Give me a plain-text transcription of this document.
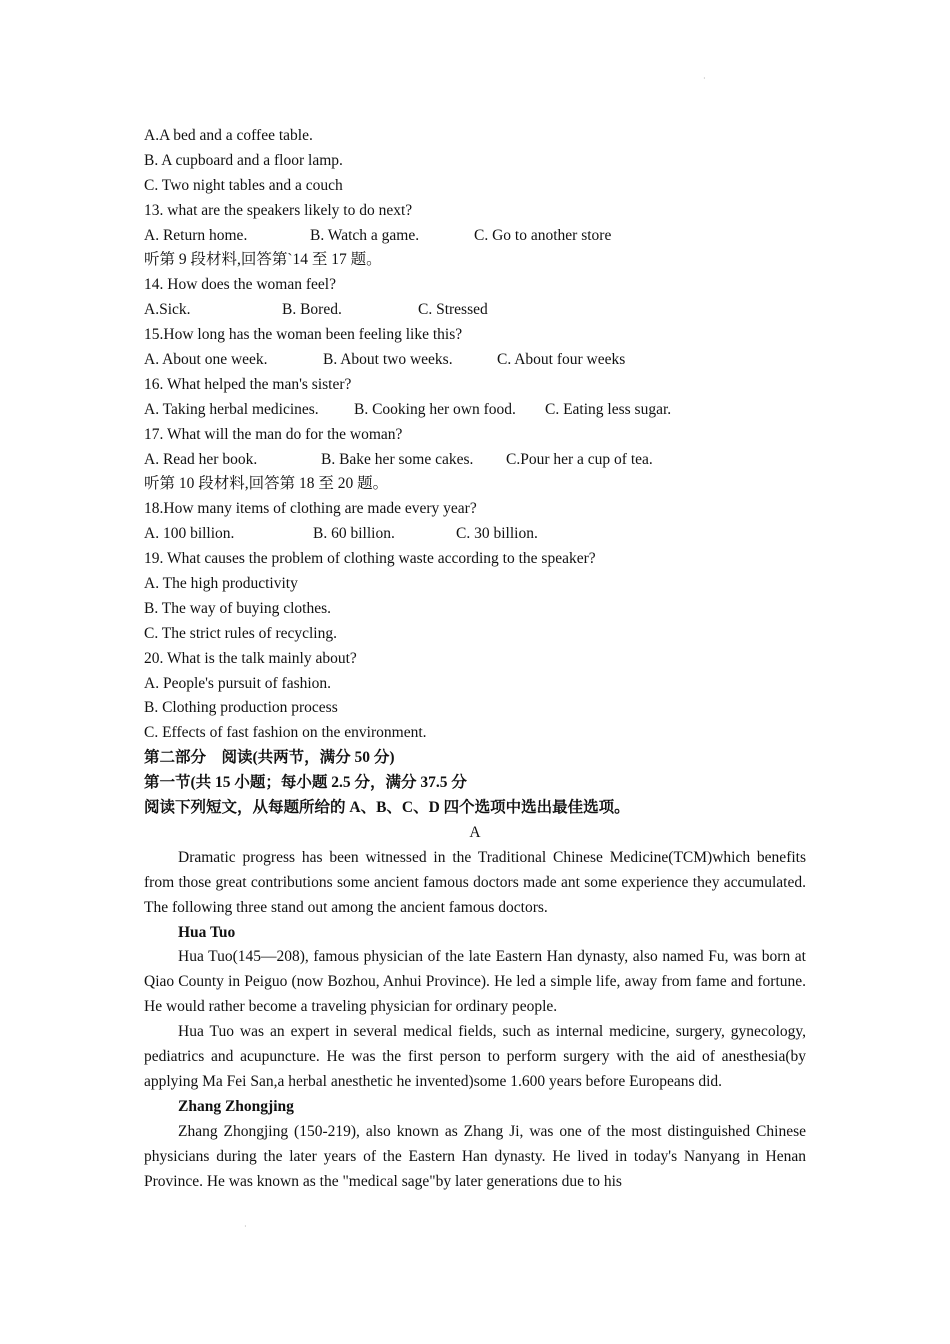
·
A.A bed and a coffee table.
B. A cupboard and a floor lamp.
C. Two night tables and a couch
13. what are the speakers likely to do next?
A. Return home.	B. Watch a game.	C. Go to another store
听第 9 段材料,回答第`14 至 17 题。
14. How does the woman feel?
A.Sick.	B. Bored.	C. Stressed
15.How long has the woman been feeling like this?
A. About one week.	B. About two weeks.	C. About four weeks
16. What helped the man's sister?
A. Taking herbal medicines. B. Cooking her own food. C. Eating less sugar.
17. What will the man do for the woman?
A. Read her book.	B. Bake her some cakes. C.Pour her a cup of tea.
听第 10 段材料,回答第 18 至 20 题。
18.How many items of clothing are made every year?
A. 100 billion.	B. 60 billion.	C. 30 billion.
19. What causes the problem of clothing waste according to the speaker?
A. The high productivity
B. The way of buying clothes.
C. The strict rules of recycling.
20. What is the talk mainly about?
A. People's pursuit of fashion.
B. Clothing production process
C. Effects of fast fashion on the environment.
第二部分　阅读(共两节，满分 50 分)
第一节(共 15 小题；每小题 2.5 分，满分 37.5 分
阅读下列短文，从每题所给的 A、B、C、D 四个选项中选出最佳选项。
A

Dramatic progress has been witnessed in the Traditional Chinese Medicine(TCM)which benefits from those great contributions some ancient famous doctors made ant some experience they accumulated. The following three stand out among the ancient famous doctors.

Hua Tuo

Hua Tuo(145—208), famous physician of the late Eastern Han dynasty, also named Fu, was born at Qiao County in Peiguo (now Bozhou, Anhui Province). He led a simple life, away from fame and fortune. He would rather become a traveling physician for ordinary people.

Hua Tuo was an expert in several medical fields, such as internal medicine, surgery, gynecology, pediatrics and acupuncture. He was the first person to perform surgery with the aid of anesthesia(by applying Ma Fei San,a herbal anesthetic he invented)some 1.600 years before Europeans did.

Zhang Zhongjing

Zhang Zhongjing (150-219), also known as Zhang Ji, was one of the most distinguished Chinese physicians during the later years of the Eastern Han dynasty. He lived in today's Nanyang in Henan Province. He was known as the "medical sage"by later generations due to his

·
